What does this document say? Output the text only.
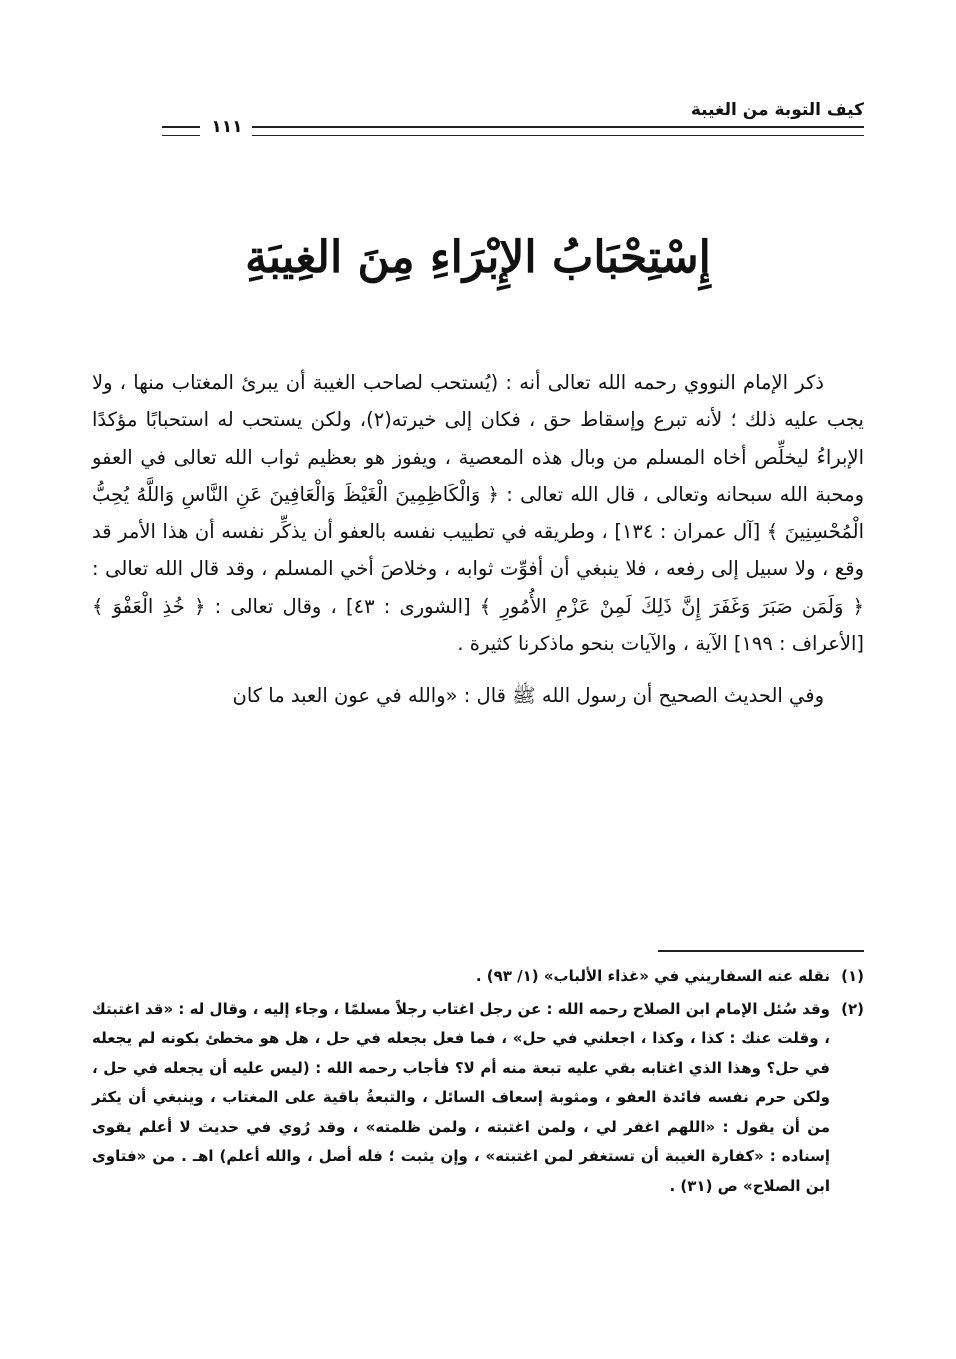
كيف التوبة من الغيبة
١١١
إِسْتِحْبَابُ الإِبْرَاءِ مِنَ الغِيبَةِ

ذكر الإمام النووي رحمه الله تعالى أنه : (يُستحب لصاحب الغيبة أن يبرئ المغتاب منها ، ولا يجب عليه ذلك ؛ لأنه تبرع وإسقاط حق ، فكان إلى خيرته(٢)، ولكن يستحب له استحبابًا مؤكدًا الإبراءُ ليخلِّص أخاه المسلم من وبال هذه المعصية ، ويفوز هو بعظيم ثواب الله تعالى في العفو ومحبة الله سبحانه وتعالى ، قال الله تعالى : ﴿ وَالْكَاظِمِينَ الْغَيْظَ وَالْعَافِينَ عَنِ النَّاسِ وَاللَّهُ يُحِبُّ الْمُحْسِنِينَ ﴾ [آل عمران : ١٣٤] ، وطريقه في تطييب نفسه بالعفو أن يذكِّر نفسه أن هذا الأمر قد وقع ، ولا سبيل إلى رفعه ، فلا ينبغي أن أفوِّت ثوابه ، وخلاصَ أخي المسلم ، وقد قال الله تعالى : ﴿ وَلَمَن صَبَرَ وَغَفَرَ إِنَّ ذَلِكَ لَمِنْ عَزْمِ الأُمُورِ ﴾ [الشورى : ٤٣] ، وقال تعالى : ﴿ خُذِ الْعَفْوَ ﴾ [الأعراف : ١٩٩] الآية ، والآيات بنحو ماذكرنا كثيرة .

وفي الحديث الصحيح أن رسول الله ﷺ قال : «والله في عون العبد ما كان

(١)
نقله عنه السفاريني في «غذاء الألباب» (١/ ٩٣) .
(٢)
وقد سُئل الإمام ابن الصلاح رحمه الله : عن رجل اغتاب رجلاً مسلمًا ، وجاء إليه ، وقال له : «قد اغتبتك ، وقلت عنك : كذا ، وكذا ، اجعلني في حل» ، فما فعل بجعله في حل ، هل هو مخطئ بكونه لم يجعله في حل؟ وهذا الذي اغتابه بقي عليه تبعة منه أم لا؟ فأجاب رحمه الله : (ليس عليه أن يجعله في حل ، ولكن حرم نفسه فائدة العفو ، ومثوبة إسعاف السائل ، والتبعةُ باقية على المغتاب ، وينبغي أن يكثر من أن يقول : «اللهم اغفر لي ، ولمن اغتبته ، ولمن ظلمته» ، وقد رُوي في حديث لا أعلم يقوى إسناده : «كفارة الغيبة أن تستغفر لمن اغتبته» ، وإن يثبت ؛ فله أصل ، والله أعلم) اهـ . من «فتاوى ابن الصلاح» ص (٣١) .
